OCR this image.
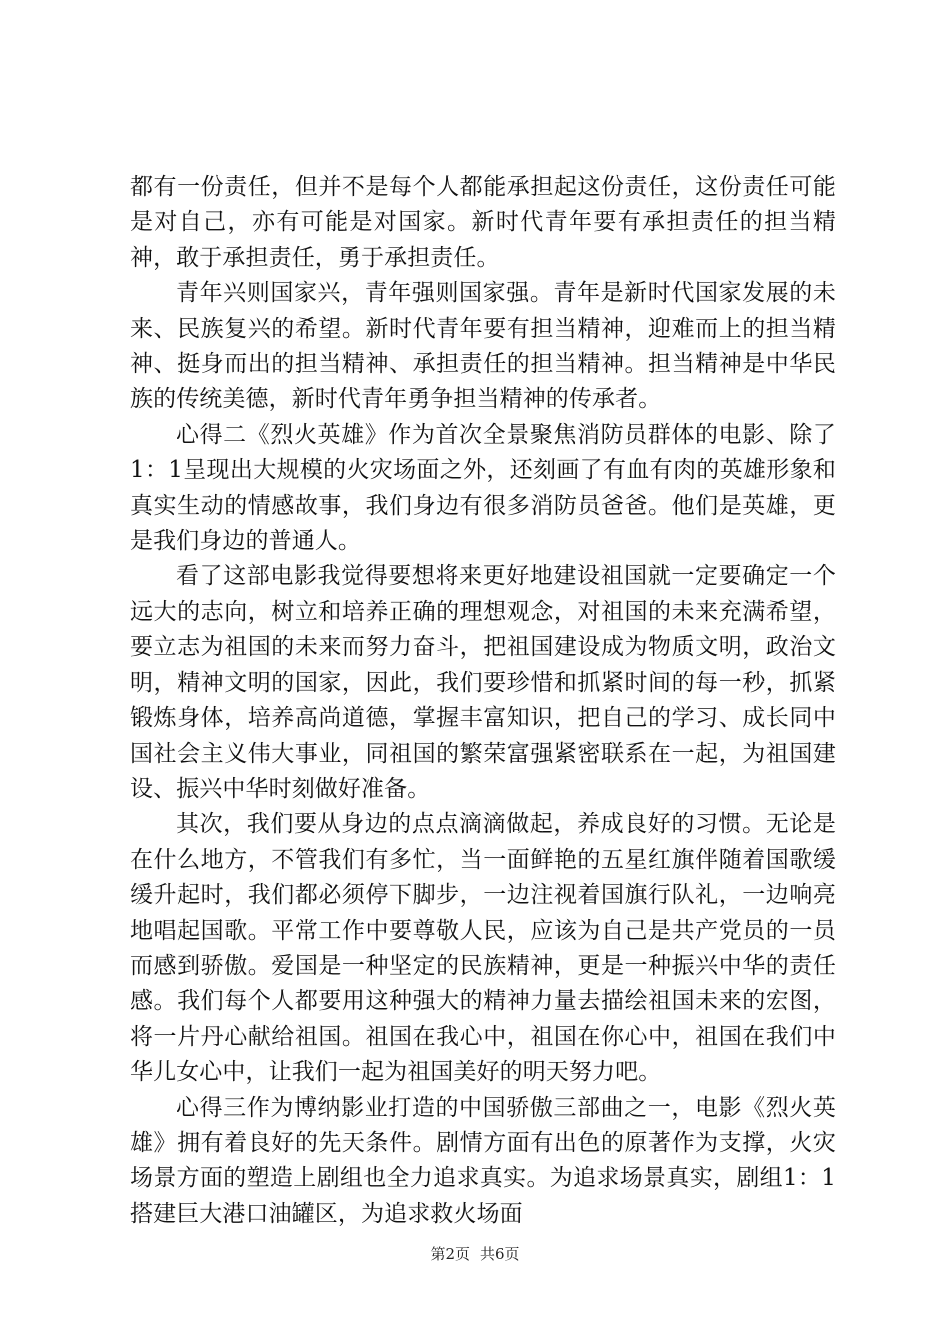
都有一份责任，但并不是每个人都能承担起这份责任，这份责任可能是对自己，亦有可能是对国家。新时代青年要有承担责任的担当精神，敢于承担责任，勇于承担责任。

青年兴则国家兴，青年强则国家强。青年是新时代国家发展的未来、民族复兴的希望。新时代青年要有担当精神，迎难而上的担当精神、挺身而出的担当精神、承担责任的担当精神。担当精神是中华民族的传统美德，新时代青年勇争担当精神的传承者。

心得二《烈火英雄》作为首次全景聚焦消防员群体的电影、除了1：1呈现出大规模的火灾场面之外，还刻画了有血有肉的英雄形象和真实生动的情感故事，我们身边有很多消防员爸爸。他们是英雄，更是我们身边的普通人。

看了这部电影我觉得要想将来更好地建设祖国就一定要确定一个远大的志向，树立和培养正确的理想观念，对祖国的未来充满希望，要立志为祖国的未来而努力奋斗，把祖国建设成为物质文明，政治文明，精神文明的国家，因此，我们要珍惜和抓紧时间的每一秒，抓紧锻炼身体，培养高尚道德，掌握丰富知识，把自己的学习、成长同中国社会主义伟大事业，同祖国的繁荣富强紧密联系在一起，为祖国建设、振兴中华时刻做好准备。

其次，我们要从身边的点点滴滴做起，养成良好的习惯。无论是在什么地方，不管我们有多忙，当一面鲜艳的五星红旗伴随着国歌缓缓升起时，我们都必须停下脚步，一边注视着国旗行队礼，一边响亮地唱起国歌。平常工作中要尊敬人民，应该为自己是共产党员的一员而感到骄傲。爱国是一种坚定的民族精神，更是一种振兴中华的责任感。我们每个人都要用这种强大的精神力量去描绘祖国未来的宏图，将一片丹心献给祖国。祖国在我心中，祖国在你心中，祖国在我们中华儿女心中，让我们一起为祖国美好的明天努力吧。

心得三作为博纳影业打造的中国骄傲三部曲之一，电影《烈火英雄》拥有着良好的先天条件。剧情方面有出色的原著作为支撑，火灾场景方面的塑造上剧组也全力追求真实。为追求场景真实，剧组1：1搭建巨大港口油罐区，为追求救火场面

第2页 共6页
